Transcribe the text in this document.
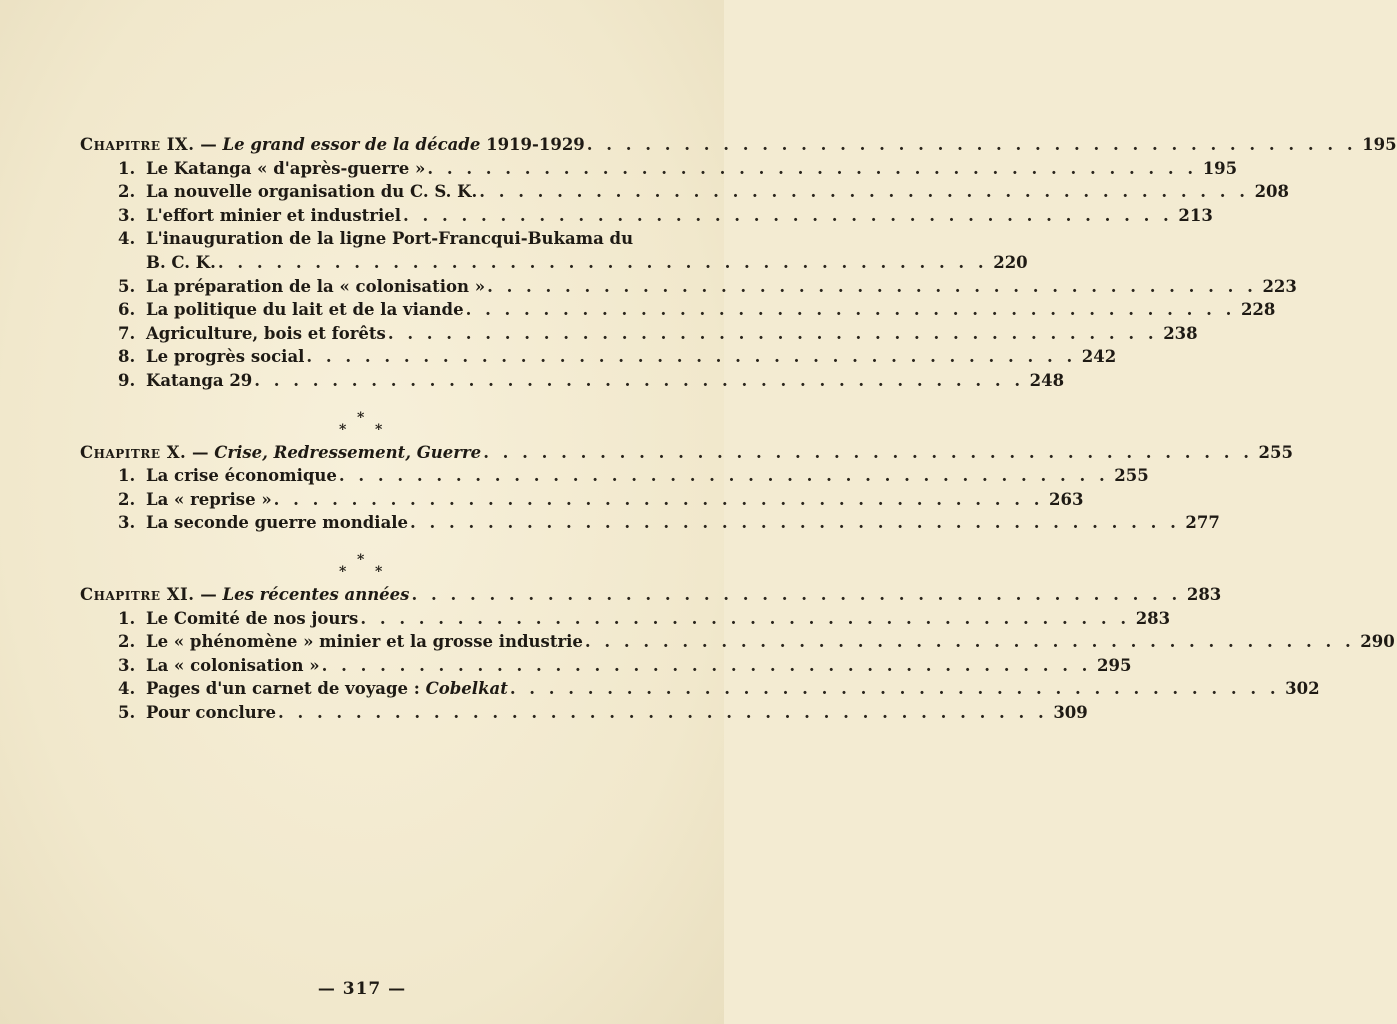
Chapitre IX. — Le grand essor de la décade 1919-1929 . . . . . . . . . . . . . . . . . . . . . . . . . . . . . . . . . . . . . . . . 195
1. Le Katanga « d'après-guerre » . . . . . . . . . . . . . . . . . . . . . . . . . . . . . . . . . . . . . . . . 195
2. La nouvelle organisation du C. S. K. . . . . . . . . . . . . . . . . . . . . . . . . . . . . . . . . . . . . . . . . 208
3. L'effort minier et industriel . . . . . . . . . . . . . . . . . . . . . . . . . . . . . . . . . . . . . . . . 213
4. L'inauguration de la ligne Port-Francqui-Bukama du
B. C. K. . . . . . . . . . . . . . . . . . . . . . . . . . . . . . . . . . . . . . . . . 220
5. La préparation de la « colonisation » . . . . . . . . . . . . . . . . . . . . . . . . . . . . . . . . . . . . . . . . 223
6. La politique du lait et de la viande . . . . . . . . . . . . . . . . . . . . . . . . . . . . . . . . . . . . . . . . 228
7. Agriculture, bois et forêts . . . . . . . . . . . . . . . . . . . . . . . . . . . . . . . . . . . . . . . . 238
8. Le progrès social . . . . . . . . . . . . . . . . . . . . . . . . . . . . . . . . . . . . . . . . 242
9. Katanga 29 . . . . . . . . . . . . . . . . . . . . . . . . . . . . . . . . . . . . . . . . 248
*
* *
Chapitre X. — Crise, Redressement, Guerre . . . . . . . . . . . . . . . . . . . . . . . . . . . . . . . . . . . . . . . . 255
1. La crise économique . . . . . . . . . . . . . . . . . . . . . . . . . . . . . . . . . . . . . . . . 255
2. La « reprise » . . . . . . . . . . . . . . . . . . . . . . . . . . . . . . . . . . . . . . . . 263
3. La seconde guerre mondiale . . . . . . . . . . . . . . . . . . . . . . . . . . . . . . . . . . . . . . . . 277
*
* *
Chapitre XI. — Les récentes années . . . . . . . . . . . . . . . . . . . . . . . . . . . . . . . . . . . . . . . . 283
1. Le Comité de nos jours . . . . . . . . . . . . . . . . . . . . . . . . . . . . . . . . . . . . . . . . 283
2. Le « phénomène » minier et la grosse industrie . . . . . . . . . . . . . . . . . . . . . . . . . . . . . . . . . . . . . . . . 290
3. La « colonisation » . . . . . . . . . . . . . . . . . . . . . . . . . . . . . . . . . . . . . . . . 295
4. Pages d'un carnet de voyage : Cobelkat . . . . . . . . . . . . . . . . . . . . . . . . . . . . . . . . . . . . . . . . 302
5. Pour conclure . . . . . . . . . . . . . . . . . . . . . . . . . . . . . . . . . . . . . . . . 309
— 317 —
